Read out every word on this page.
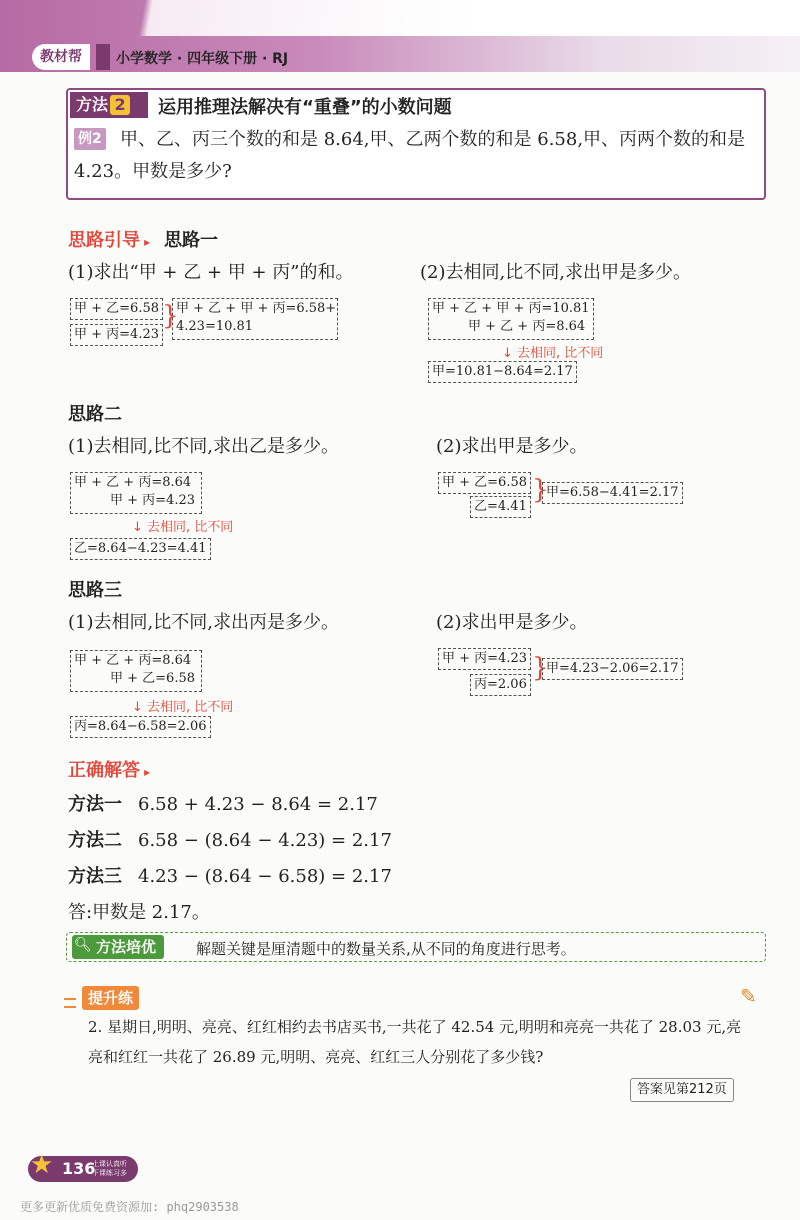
教材帮	小学数学 · 四年级下册 · RJ
方法 2	运用推理法解决有“重叠”的小数问题
甲、乙、丙三个数的和是 8.64,甲、乙两个数的和是 6.58,甲、丙两个数的和是 4.23。甲数是多少?
例2
思路引导 ▸ 思路一
(1)求出“甲 + 乙 + 甲 + 丙”的和。	(2)去相同,比不同,求出甲是多少。
甲 + 乙=6.58
甲 + 丙=4.23
}
甲 + 乙 + 甲 + 丙=6.58+
4.23=10.81
甲 + 乙 + 甲 + 丙=10.81
甲 + 乙 + 丙=8.64
↓ 去相同, 比不同
甲=10.81−8.64=2.17
思路二
(1)去相同,比不同,求出乙是多少。	(2)求出甲是多少。
甲 + 乙 + 丙=8.64
甲 + 丙=4.23
↓ 去相同, 比不同
乙=8.64−4.23=4.41
甲 + 乙=6.58
乙=4.41
}
甲=6.58−4.41=2.17
思路三
(1)去相同,比不同,求出丙是多少。	(2)求出甲是多少。
甲 + 乙 + 丙=8.64
甲 + 乙=6.58
↓ 去相同, 比不同
丙=8.64−6.58=2.06
甲 + 丙=4.23
丙=2.06
}
甲=4.23−2.06=2.17
正确解答 ▸
方法一 6.58 + 4.23 − 8.64 = 2.17
方法二 6.58 − (8.64 − 4.23) = 2.17
方法三 4.23 − (8.64 − 6.58) = 2.17
答:甲数是 2.17。
方法培优
🔍︎	解题关键是厘清题中的数量关系,从不同的角度进行思考。
提升练	✎
2. 星期日,明明、亮亮、红红相约去书店买书,一共花了 42.54 元,明明和亮亮一共花了 28.03 元,亮亮和红红一共花了 26.89 元,明明、亮亮、红红三人分别花了多少钱?
答案见第212页
136
★	上课认真听 下课练习多
更多更新优质免费资源加: phq2903538
